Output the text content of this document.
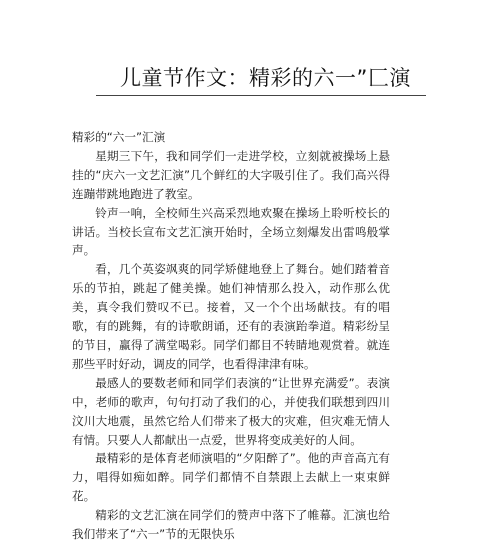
儿童节作文：精彩的六一”匚演

精彩的“六一”汇演

星期三下午，我和同学们一走进学校，立刻就被操场上悬挂的“庆六一文艺汇演”几个鲜红的大字吸引住了。我们高兴得连蹦带跳地跑进了教室。

铃声一响，全校师生兴高采烈地欢聚在操场上聆听校长的讲话。当校长宣布文艺汇演开始时，全场立刻爆发出雷鸣般掌声。

看，几个英姿飒爽的同学矫健地登上了舞台。她们踏着音乐的节拍，跳起了健美操。她们神情那么投入，动作那么优美，真令我们赞叹不已。接着，又一个个出场献技。有的唱歌，有的跳舞，有的诗歌朗诵，还有的表演跆拳道。精彩纷呈的节目，赢得了满堂喝彩。同学们都目不转睛地观赏着。就连那些平时好动，调皮的同学，也看得津津有味。

最感人的要数老师和同学们表演的“让世界充满爱”。表演中，老师的歌声，句句打动了我们的心，并使我们联想到四川汶川大地震，虽然它给人们带来了极大的灾难，但灾难无情人有情。只要人人都献出一点爱，世界将变成美好的人间。

最精彩的是体育老师演唱的“夕阳醉了”。他的声音高亢有力，唱得如痴如醉。同学们都情不自禁跟上去献上一束束鲜花。

精彩的文艺汇演在同学们的赞声中落下了帷幕。汇演也给我们带来了“六一”节的无限快乐
